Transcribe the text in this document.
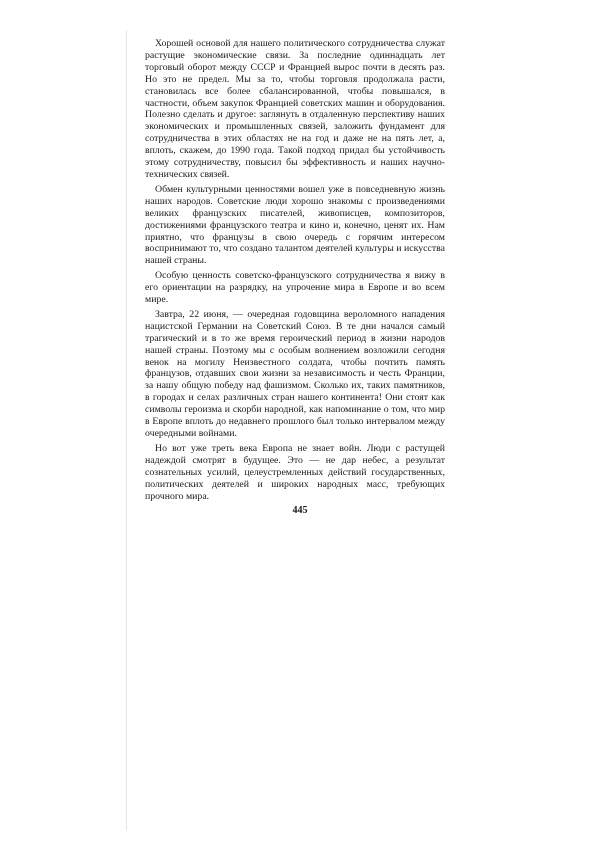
Хорошей основой для нашего политического сотрудничества служат растущие экономические связи. За последние одиннадцать лет торговый оборот между СССР и Францией вырос почти в десять раз. Но это не предел. Мы за то, чтобы торговля продолжала расти, становилась все более сбалансированной, чтобы повышался, в частности, объем закупок Францией советских машин и оборудования. Полезно сделать и другое: заглянуть в отдаленную перспективу наших экономических и промышленных связей, заложить фундамент для сотрудничества в этих областях не на год и даже не на пять лет, а, вплоть, скажем, до 1990 года. Такой подход придал бы устойчивость этому сотрудничеству, повысил бы эффективность и наших научно-технических связей.

Обмен культурными ценностями вошел уже в повседневную жизнь наших народов. Советские люди хорошо знакомы с произведениями великих французских писателей, живописцев, композиторов, достижениями французского театра и кино и, конечно, ценят их. Нам приятно, что французы в свою очередь с горячим интересом воспринимают то, что создано талантом деятелей культуры и искусства нашей страны.

Особую ценность советско-французского сотрудничества я вижу в его ориентации на разрядку, на упрочение мира в Европе и во всем мире.

Завтра, 22 июня, — очередная годовщина вероломного нападения нацистской Германии на Советский Союз. В те дни начался самый трагический и в то же время героический период в жизни народов нашей страны. Поэтому мы с особым волнением возложили сегодня венок на могилу Неизвестного солдата, чтобы почтить память французов, отдавших свои жизни за независимость и честь Франции, за нашу общую победу над фашизмом. Сколько их, таких памятников, в городах и селах различных стран нашего континента! Они стоят как символы героизма и скорби народной, как напоминание о том, что мир в Европе вплоть до недавнего прошлого был только интервалом между очередными войнами.

Но вот уже треть века Европа не знает войн. Люди с растущей надеждой смотрят в будущее. Это — не дар небес, а результат сознательных усилий, целеустремленных действий государственных, политических деятелей и широких народных масс, требующих прочного мира.

445
